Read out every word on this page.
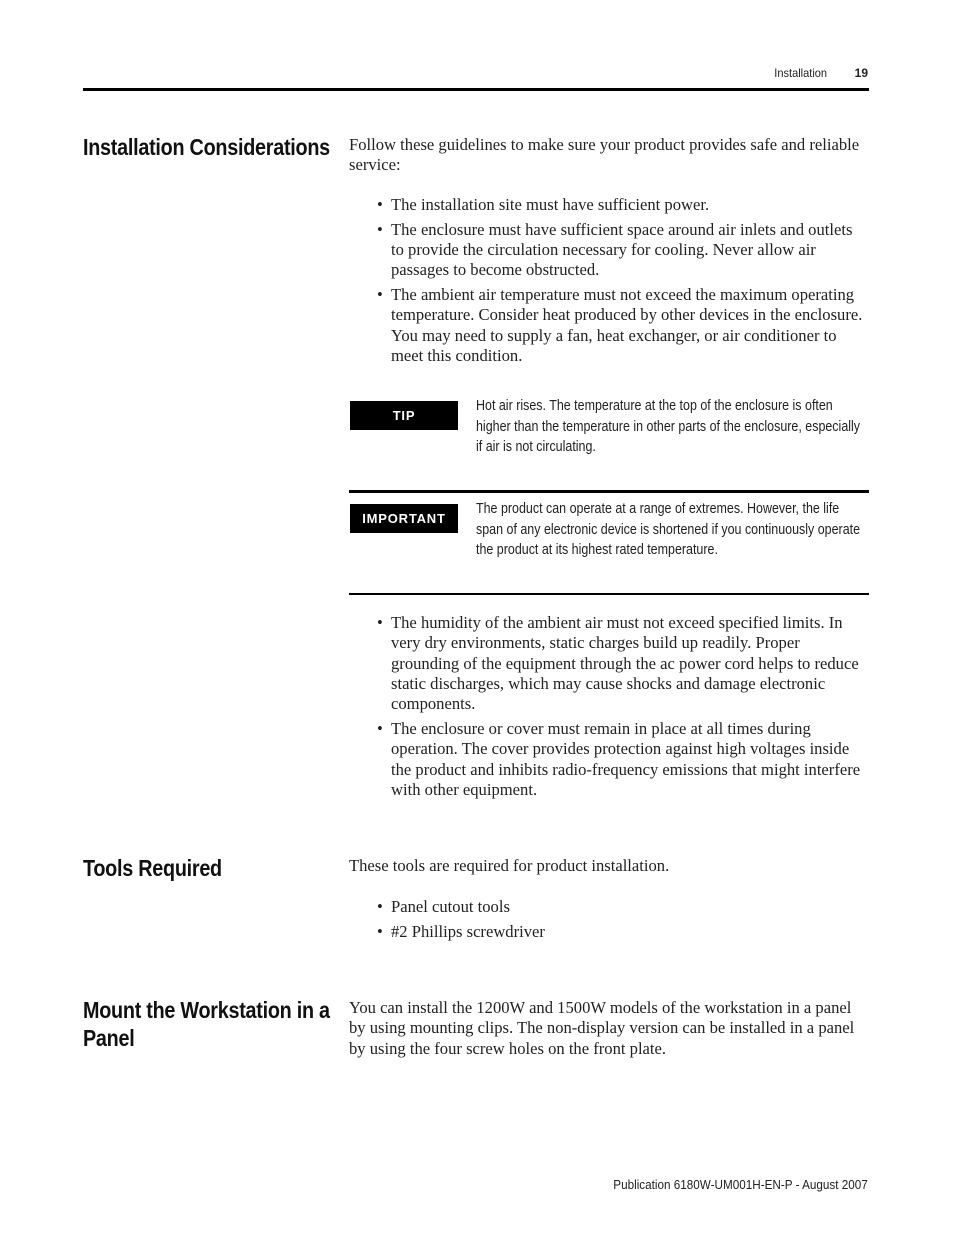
Installation 19
Installation Considerations	Follow these guidelines to make sure your product provides safe and reliable service:

• The installation site must have sufficient power.
• The enclosure must have sufficient space around air inlets and outlets to provide the circulation necessary for cooling. Never allow air passages to become obstructed.
• The ambient air temperature must not exceed the maximum operating temperature. Consider heat produced by other devices in the enclosure. You may need to supply a fan, heat exchanger, or air conditioner to meet this condition.
TIP
Hot air rises. The temperature at the top of the enclosure is often higher than the temperature in other parts of the enclosure, especially if air is not circulating.
IMPORTANT
The product can operate at a range of extremes. However, the life span of any electronic device is shortened if you continuously operate the product at its highest rated temperature.
• The humidity of the ambient air must not exceed specified limits. In very dry environments, static charges build up readily. Proper grounding of the equipment through the ac power cord helps to reduce static discharges, which may cause shocks and damage electronic components.
• The enclosure or cover must remain in place at all times during operation. The cover provides protection against high voltages inside the product and inhibits radio-frequency emissions that might interfere with other equipment.
Tools Required	These tools are required for product installation.

• Panel cutout tools
• #2 Phillips screwdriver
Mount the Workstation in a Panel

You can install the 1200W and 1500W models of the workstation in a panel by using mounting clips. The non-display version can be installed in a panel by using the four screw holes on the front plate.

Publication 6180W-UM001H-EN-P - August 2007
